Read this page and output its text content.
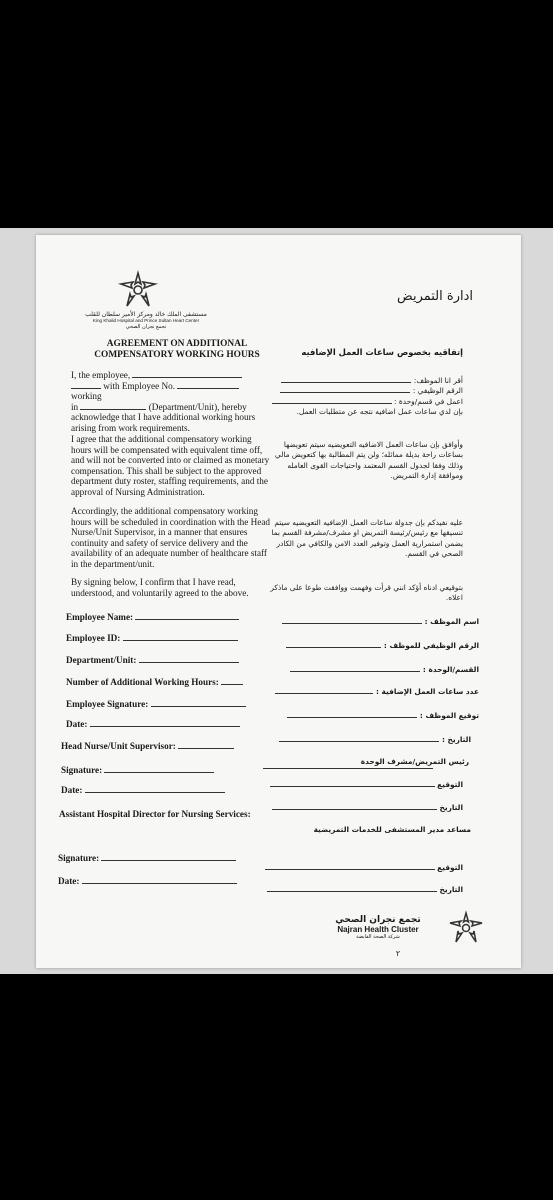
مستشفى الملك خالد ومركز الأمير سلطان للقلب
King Khalid Hospital and Prince Sultan Heart Center
تجمع نجران الصحي
ادارة التمريض
AGREEMENT ON ADDITIONAL
COMPENSATORY WORKING HOURS	إتفاقيه بخصوص ساعات العمل الإضافيه
I, the employee,
with Employee No.  working
in	(Department/Unit), hereby
acknowledge that I have additional working hours
arising from work requirements.
أقر انا الموظف:
الرقم الوظيفي :
اعمل في قسم/وحدة :
بإن لدي ساعات عمل اضافيه نتجه عن متطلبات العمل.
I agree that the additional compensatory working hours will be compensated with equivalent time off, and will not be converted into or claimed as monetary compensation. This shall be subject to the approved department duty roster, staffing requirements, and the approval of Nursing Administration.
وأوافق بإن ساعات العمل الاضافيه التعويضيه سيتم تعويضها بساعات راحة بديلة مماثله؛ ولن يتم المطالبة بها كتعويض مالي وذلك وفقا لجدول القسم المعتمد واحتياجات القوى العامله وموافقة إدارة التمريض.
Accordingly, the additional compensatory working hours will be scheduled in coordination with the Head Nurse/Unit Supervisor, in a manner that ensures continuity and safety of service delivery and the availability of an adequate number of healthcare staff in the department/unit.
عليه نفيدكم بإن جدولة ساعات العمل الإضافيه التعويضيه سيتم تنسيقها مع رئيس/رئيسة التمريض او مشرف/مشرفة القسم بما يضمن استمرارية العمل وتوفير العدد الامن والكافي من الكادر الصحي في القسم.
By signing below, I confirm that I have read, understood, and voluntarily agreed to the above.
بتوقيعي ادناه أؤكد انني قرأت وفهمت ووافقت طوعا على ماذكر اعلاه.
Employee Name:
Employee ID:
Department/Unit:
Number of Additional Working Hours:
Employee Signature:
Date:
Head Nurse/Unit Supervisor:
Signature:
Date:
Assistant Hospital Director for Nursing Services:
Signature:
Date:
اسم الموظف :
الرقم الوظيفي للموظف :
القسم/الوحدة :
عدد ساعات العمل الإضافية :
توقيع الموظف :
التاريخ :
رئيس التمريض/مشرف الوحدة
التوقيع
التاريخ
مساعد مدير المستشفى للخدمات التمريضية
التوقيع
التاريخ
تجمع نجران الصحي
Najran Health Cluster
شركة الصحة القابضة
٢
